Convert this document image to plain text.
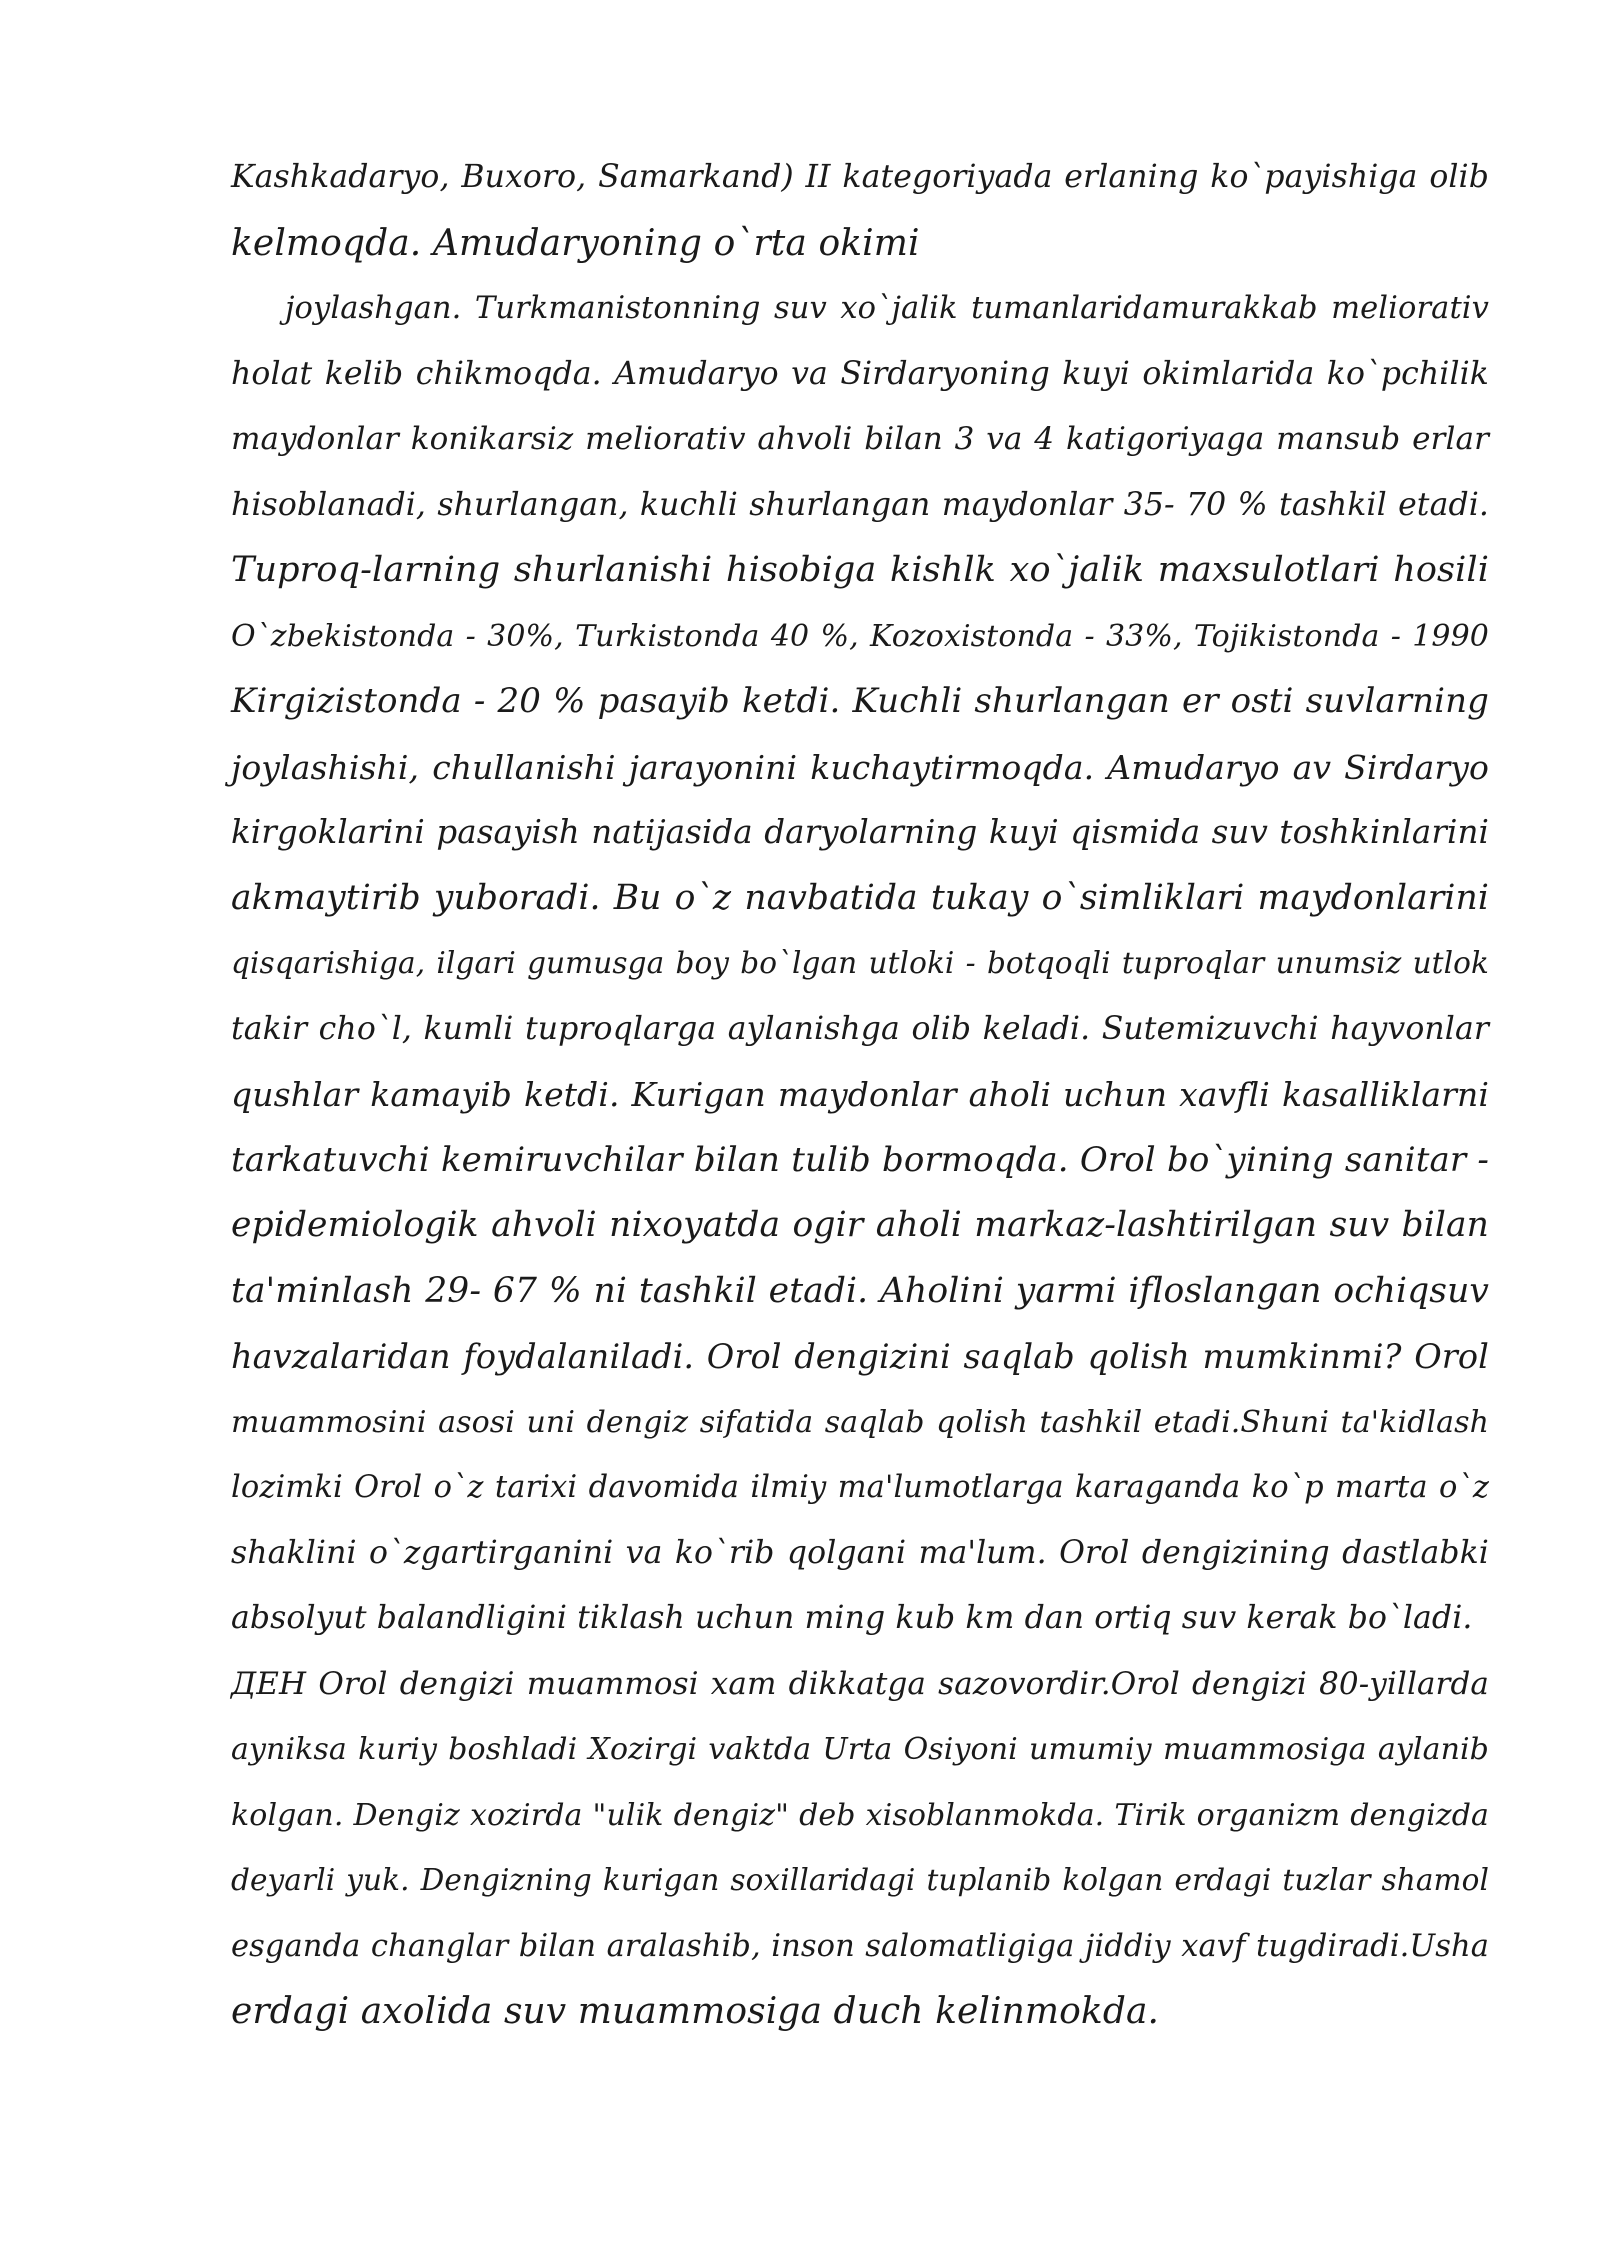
Kashkadaryo, Buxoro, Samarkand) II kategoriyada erlaning ko`payishiga olib
kelmoqda. Amudaryoning o`rta okimi
joylashgan. Turkmanistonning suv xo`jalik tumanlaridamurakkab meliorativ
holat kelib chikmoqda. Amudaryo va Sirdaryoning kuyi okimlarida ko`pchilik
maydonlar konikarsiz meliorativ ahvoli bilan 3 va 4 katigoriyaga mansub erlar
hisoblanadi, shurlangan, kuchli shurlangan maydonlar 35- 70 % tashkil etadi.
Tuproq-larning shurlanishi hisobiga kishlk xo`jalik maxsulotlari hosili
O`zbekistonda - 30%, Turkistonda 40 %, Kozoxistonda - 33%, Tojikistonda - 1990
Kirgizistonda - 20 % pasayib ketdi. Kuchli shurlangan er osti suvlarning
joylashishi, chullanishi jarayonini kuchaytirmoqda. Amudaryo av Sirdaryo
kirgoklarini pasayish natijasida daryolarning kuyi qismida suv toshkinlarini
akmaytirib yuboradi. Bu o`z navbatida tukay o`simliklari maydonlarini
qisqarishiga, ilgari gumusga boy bo`lgan utloki - botqoqli tuproqlar unumsiz utlok
takir cho`l, kumli tuproqlarga aylanishga olib keladi. Sutemizuvchi hayvonlar
qushlar kamayib ketdi. Kurigan maydonlar aholi uchun xavfli kasalliklarni
tarkatuvchi kemiruvchilar bilan tulib bormoqda. Orol bo`yining sanitar -
epidemiologik ahvoli nixoyatda ogir aholi markaz-lashtirilgan suv bilan
ta'minlash 29- 67 % ni tashkil etadi. Aholini yarmi ifloslangan ochiqsuv
havzalaridan foydalaniladi. Orol dengizini saqlab qolish mumkinmi? Orol
muammosini asosi uni dengiz sifatida saqlab qolish tashkil etadi.Shuni ta'kidlash
lozimki Orol o`z tarixi davomida ilmiy ma'lumotlarga karaganda ko`p marta o`z
shaklini o`zgartirganini va ko`rib qolgani ma'lum. Orol dengizining dastlabki
absolyut balandligini tiklash uchun ming kub km dan ortiq suv kerak bo`ladi.
ДЕН Orol dengizi muammosi xam dikkatga sazovordir.Orol dengizi 80-yillarda
ayniksa kuriy boshladi Xozirgi vaktda Urta Osiyoni umumiy muammosiga aylanib
kolgan. Dengiz xozirda "ulik dengiz" deb xisoblanmokda. Tirik organizm dengizda
deyarli yuk. Dengizning kurigan soxillaridagi tuplanib kolgan erdagi tuzlar shamol
esganda changlar bilan aralashib, inson salomatligiga jiddiy xavf tugdiradi.Usha
erdagi axolida suv muammosiga duch kelinmokda.
